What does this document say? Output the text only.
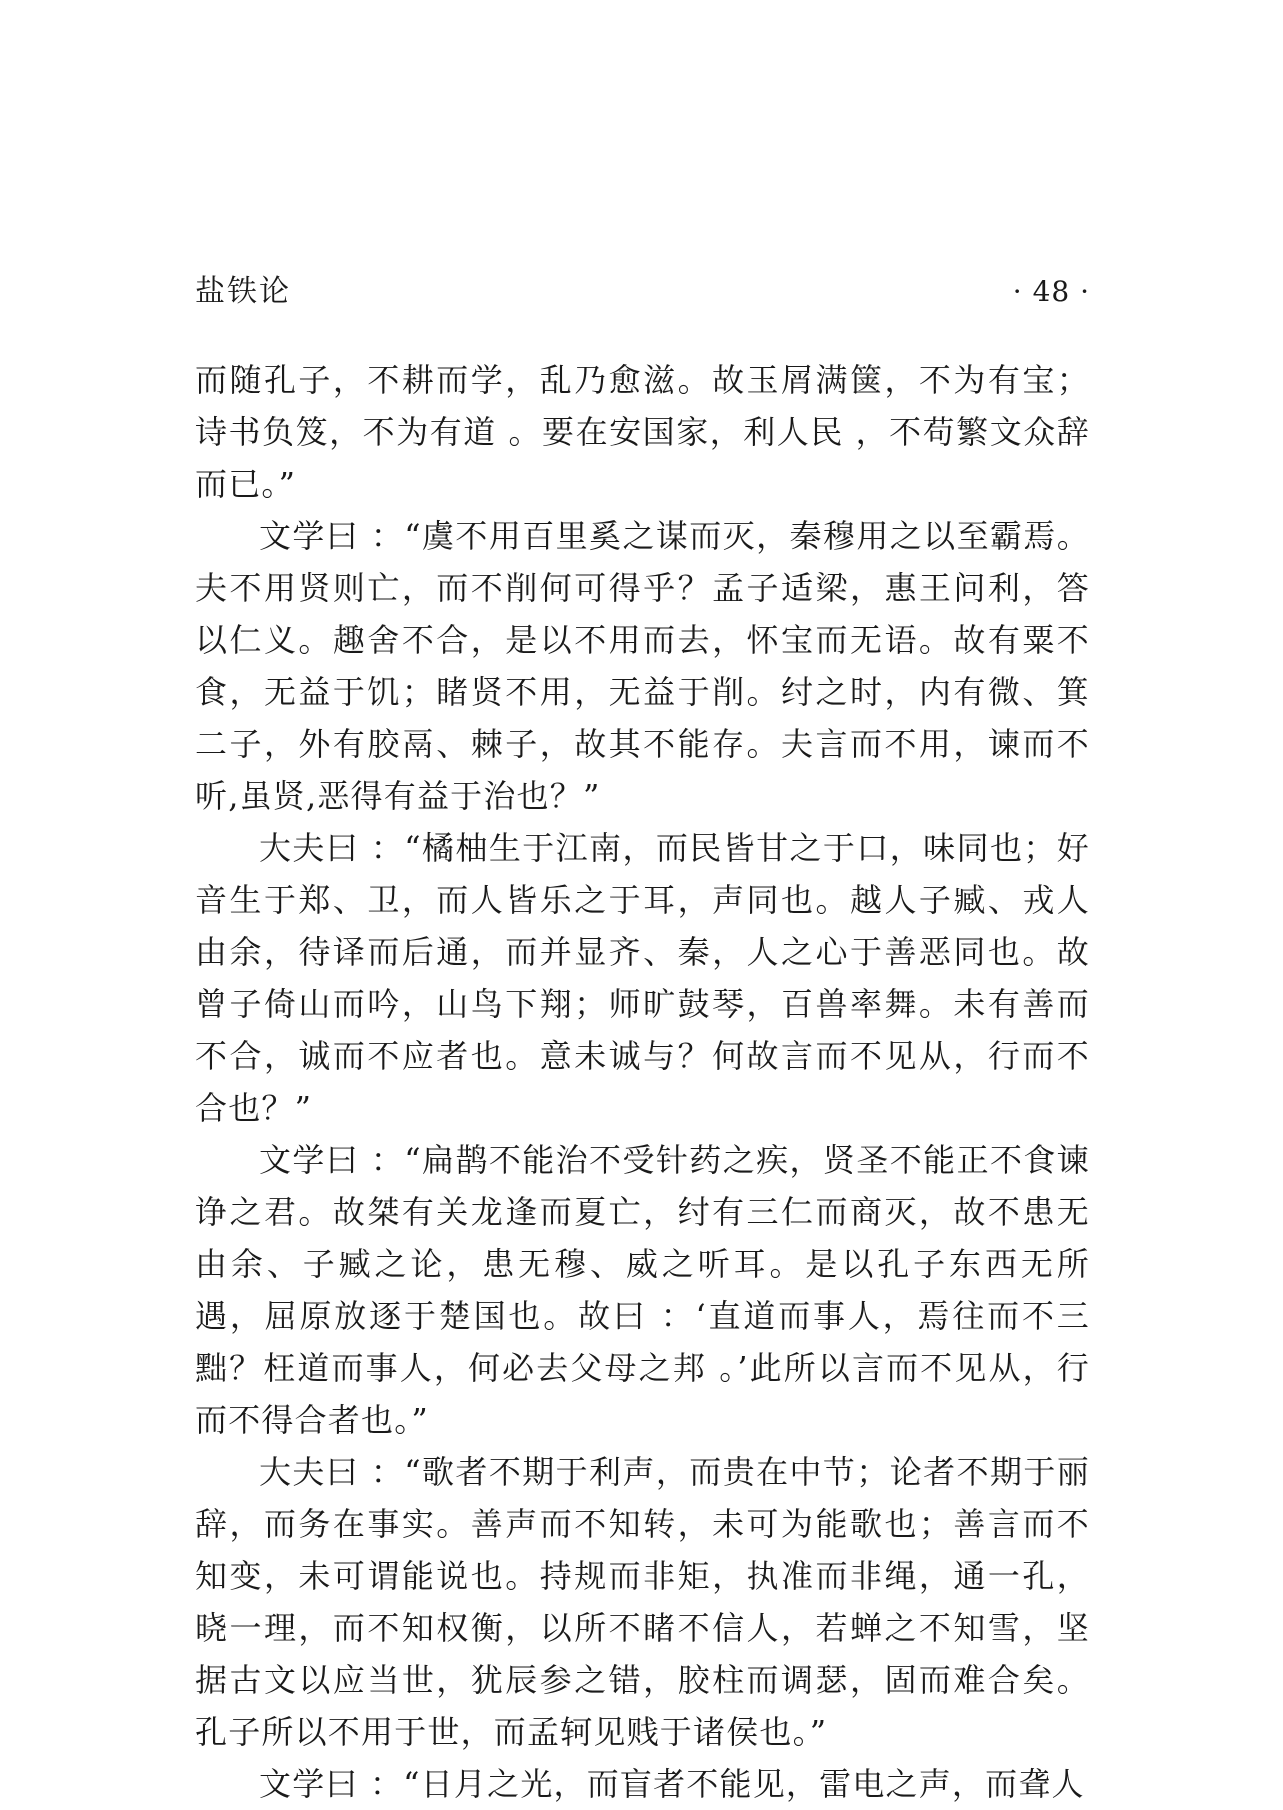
盐铁论	· 48 ·

而随孔子，不耕而学，乱乃愈滋。故玉屑满箧，不为有宝；诗书负笈，不为有道 。要在安国家，利人民 ，不苟繁文众辞而已。”

文学曰 ：“虞不用百里奚之谋而灭，秦穆用之以至霸焉。夫不用贤则亡，而不削何可得乎？孟子适梁，惠王问利，答以仁义。趣舍不合，是以不用而去，怀宝而无语。故有粟不食，无益于饥；睹贤不用，无益于削。纣之时，内有微、箕二子，外有胶鬲、棘子，故其不能存。夫言而不用，谏而不听,虽贤,恶得有益于治也？”

大夫曰 ：“橘柚生于江南，而民皆甘之于口，味同也；好音生于郑、卫，而人皆乐之于耳，声同也。越人子臧、戎人由余，待译而后通，而并显齐、秦，人之心于善恶同也。故曾子倚山而吟，山鸟下翔；师旷鼓琴，百兽率舞。未有善而不合，诚而不应者也。意未诚与？何故言而不见从，行而不合也？”

文学曰 ：“扁鹊不能治不受针药之疾，贤圣不能正不食谏诤之君。故桀有关龙逢而夏亡，纣有三仁而商灭，故不患无由余、子臧之论，患无穆、威之听耳。是以孔子东西无所遇，屈原放逐于楚国也。故曰 ：‘直道而事人，焉往而不三黜？枉道而事人，何必去父母之邦 。’此所以言而不见从，行而不得合者也。”

大夫曰 ：“歌者不期于利声，而贵在中节；论者不期于丽辞，而务在事实。善声而不知转，未可为能歌也；善言而不知变，未可谓能说也。持规而非矩，执准而非绳，通一孔，晓一理，而不知权衡，以所不睹不信人，若蝉之不知雪，坚据古文以应当世，犹辰参之错，胶柱而调瑟，固而难合矣。孔子所以不用于世，而孟轲见贱于诸侯也。”

文学曰 ：“日月之光，而盲者不能见，雷电之声，而聋人
